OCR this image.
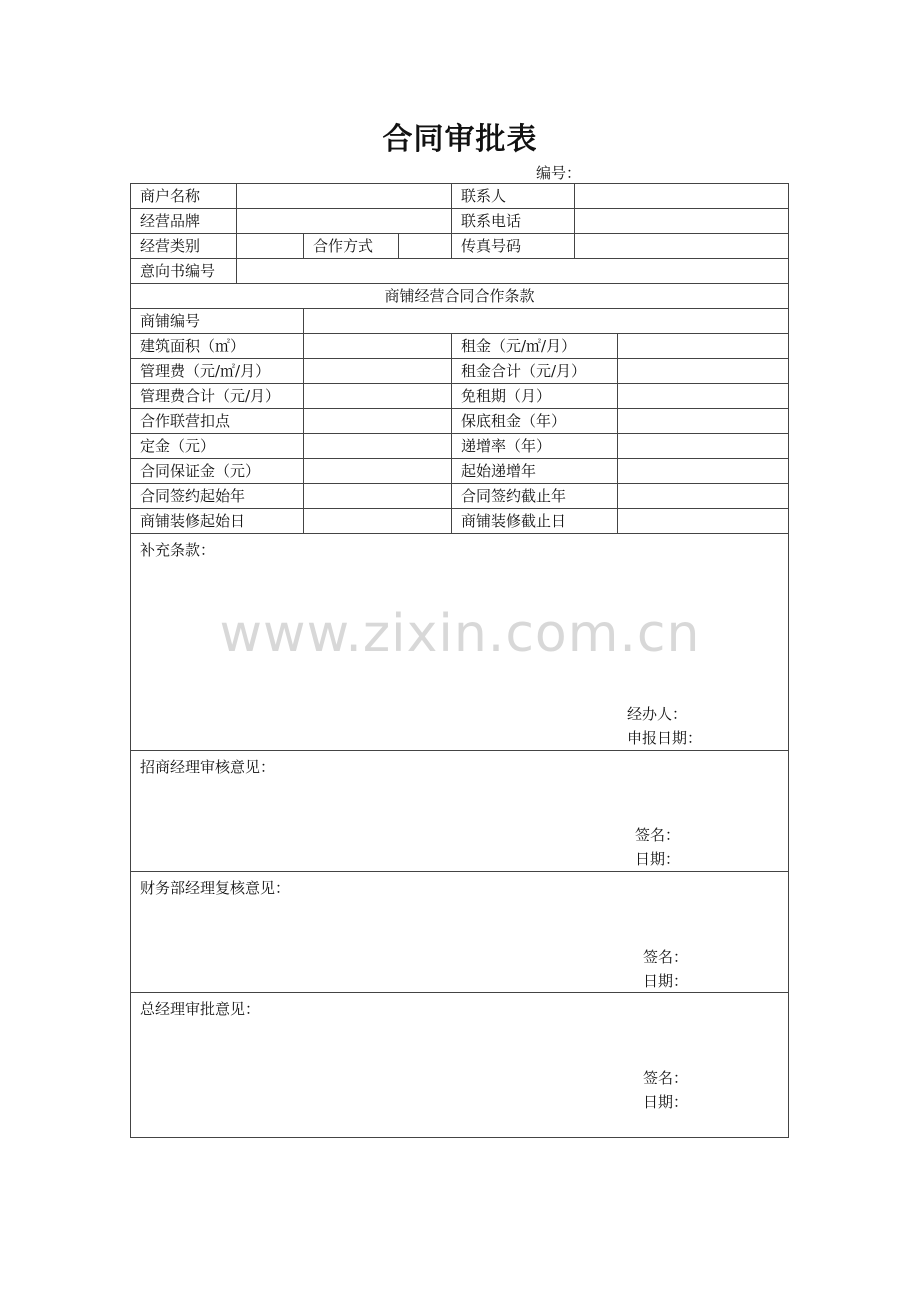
合同审批表
编号：
商户名称	联系人
经营品牌	联系电话
经营类别	合作方式	传真号码
意向书编号
商铺经营合同合作条款
商铺编号
建筑面积（㎡）	租金（元/㎡/月）
管理费（元/㎡/月）	租金合计（元/月）
管理费合计（元/月）	免租期（月）
合作联营扣点	保底租金（年）
定金（元）	递增率（年）
合同保证金（元）	起始递增年
合同签约起始年	合同签约截止年
商铺装修起始日	商铺装修截止日
补充条款：
经办人：
申报日期：
招商经理审核意见：
签名：
日期：
财务部经理复核意见：
签名：
日期：
总经理审批意见：
签名：
日期：
www.zixin.com.cn
